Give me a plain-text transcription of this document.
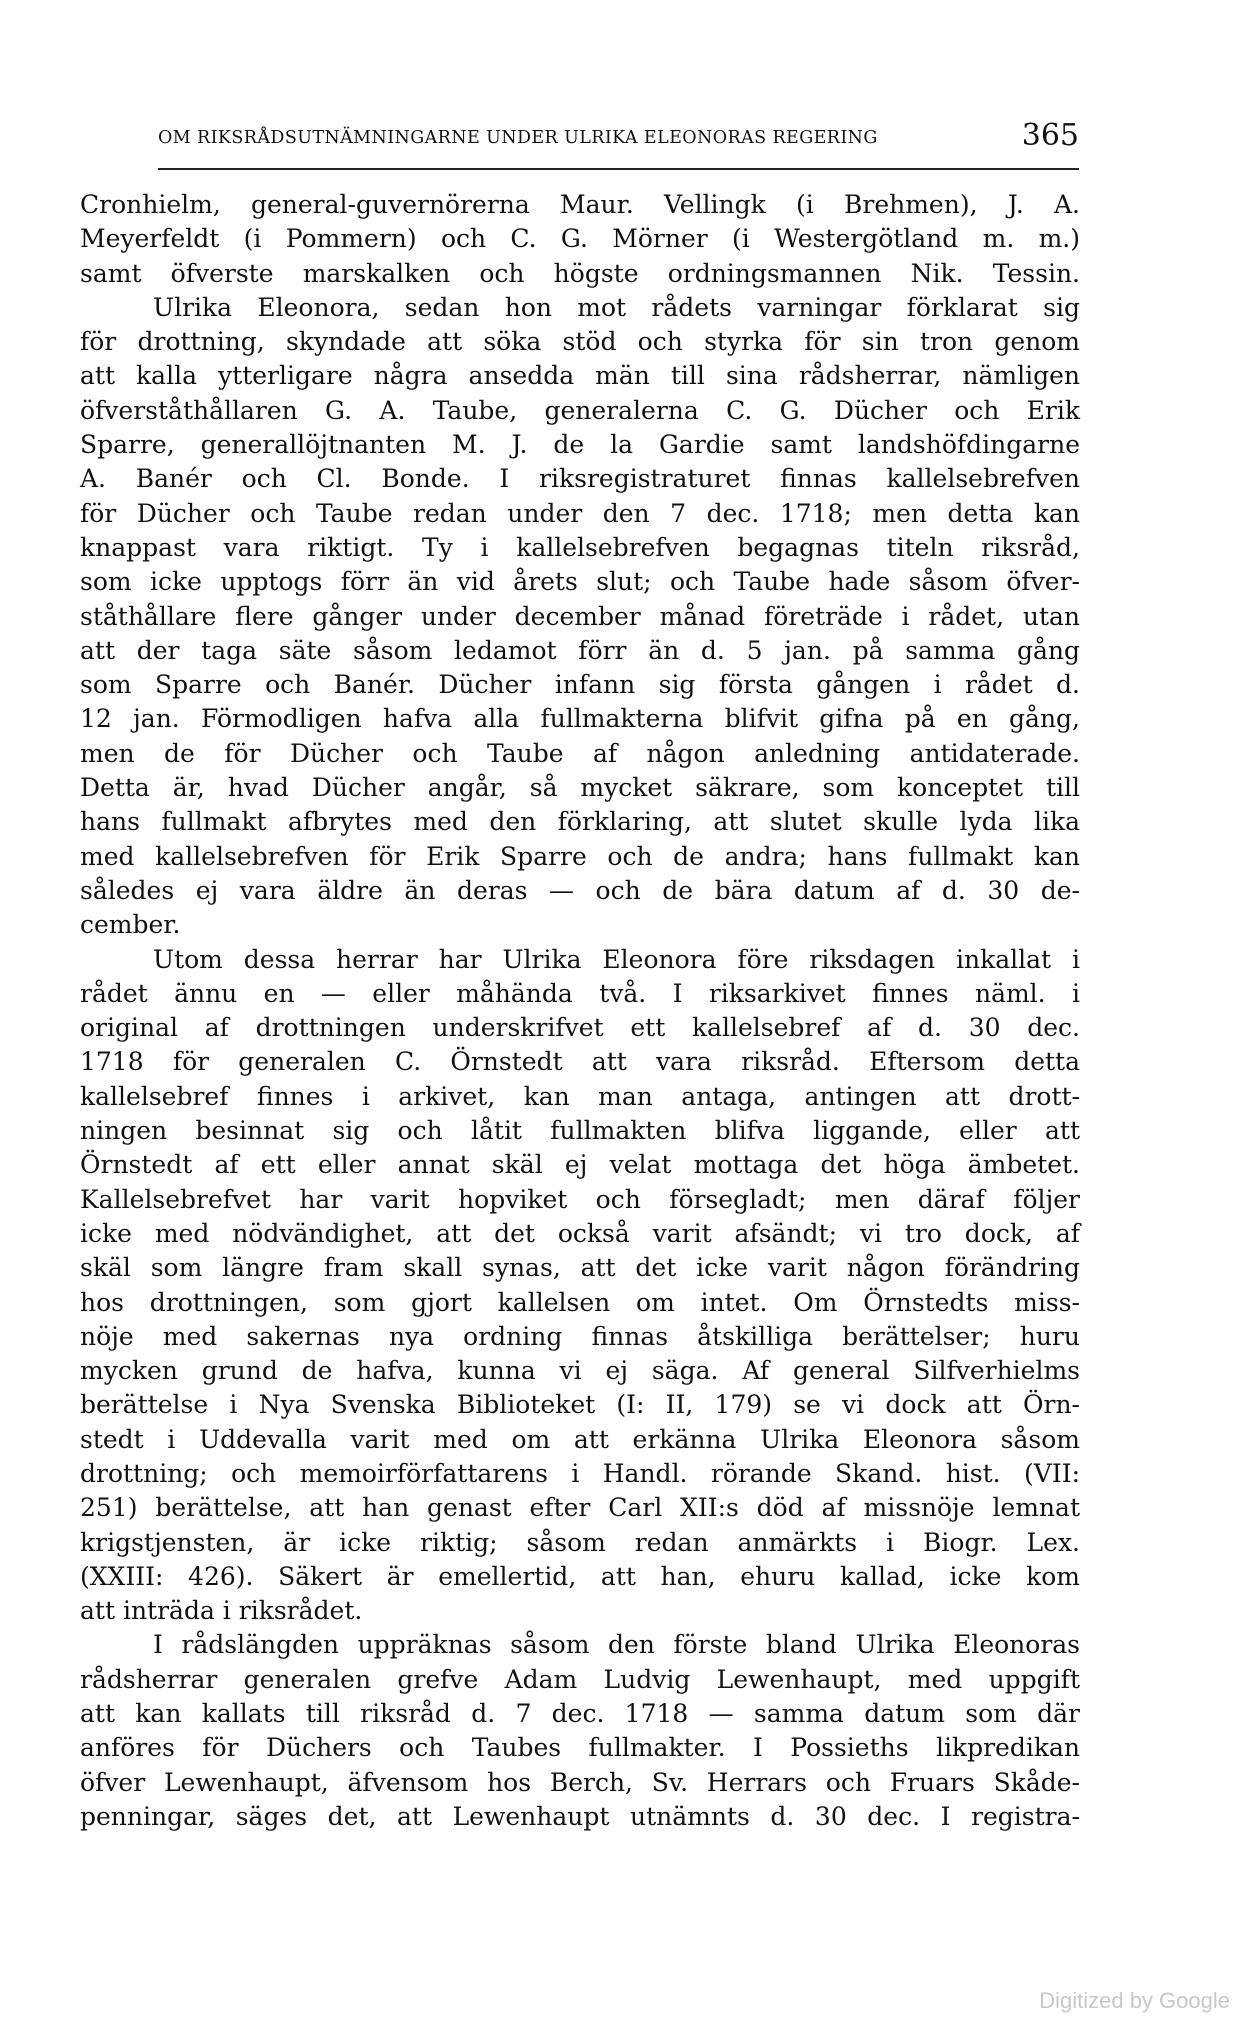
OM RIKSRÅDSUTNÄMNINGARNE UNDER ULRIKA ELEONORAS REGERING	365
Cronhielm, general-guvernörerna Maur. Vellingk (i Brehmen), J. A.
Meyerfeldt (i Pommern) och C. G. Mörner (i Westergötland m. m.)
samt öfverste marskalken och högste ordningsmannen Nik. Tessin.
Ulrika Eleonora, sedan hon mot rådets varningar förklarat sig
för drottning, skyndade att söka stöd och styrka för sin tron genom
att kalla ytterligare några ansedda män till sina rådsherrar, nämligen
öfverståthållaren G. A. Taube, generalerna C. G. Dücher och Erik
Sparre, generallöjtnanten M. J. de la Gardie samt landshöfdingarne
A. Banér och Cl. Bonde. I riksregistraturet finnas kallelsebrefven
för Dücher och Taube redan under den 7 dec. 1718; men detta kan
knappast vara riktigt. Ty i kallelsebrefven begagnas titeln riksråd,
som icke upptogs förr än vid årets slut; och Taube hade såsom öfver-
ståthållare flere gånger under december månad företräde i rådet, utan
att der taga säte såsom ledamot förr än d. 5 jan. på samma gång
som Sparre och Banér. Dücher infann sig första gången i rådet d.
12 jan. Förmodligen hafva alla fullmakterna blifvit gifna på en gång,
men de för Dücher och Taube af någon anledning antidaterade.
Detta är, hvad Dücher angår, så mycket säkrare, som konceptet till
hans fullmakt afbrytes med den förklaring, att slutet skulle lyda lika
med kallelsebrefven för Erik Sparre och de andra; hans fullmakt kan
således ej vara äldre än deras — och de bära datum af d. 30 de-
cember.
Utom dessa herrar har Ulrika Eleonora före riksdagen inkallat i
rådet ännu en — eller måhända två. I riksarkivet finnes näml. i
original af drottningen underskrifvet ett kallelsebref af d. 30 dec.
1718 för generalen C. Örnstedt att vara riksråd. Eftersom detta
kallelsebref finnes i arkivet, kan man antaga, antingen att drott-
ningen besinnat sig och låtit fullmakten blifva liggande, eller att
Örnstedt af ett eller annat skäl ej velat mottaga det höga ämbetet.
Kallelsebrefvet har varit hopviket och försegladt; men däraf följer
icke med nödvändighet, att det också varit afsändt; vi tro dock, af
skäl som längre fram skall synas, att det icke varit någon förändring
hos drottningen, som gjort kallelsen om intet. Om Örnstedts miss-
nöje med sakernas nya ordning finnas åtskilliga berättelser; huru
mycken grund de hafva, kunna vi ej säga. Af general Silfverhielms
berättelse i Nya Svenska Biblioteket (I: II, 179) se vi dock att Örn-
stedt i Uddevalla varit med om att erkänna Ulrika Eleonora såsom
drottning; och memoirförfattarens i Handl. rörande Skand. hist. (VII:
251) berättelse, att han genast efter Carl XII:s död af missnöje lemnat
krigstjensten, är icke riktig; såsom redan anmärkts i Biogr. Lex.
(XXIII: 426). Säkert är emellertid, att han, ehuru kallad, icke kom
att inträda i riksrådet.
I rådslängden uppräknas såsom den förste bland Ulrika Eleonoras
rådsherrar generalen grefve Adam Ludvig Lewenhaupt, med uppgift
att kan kallats till riksråd d. 7 dec. 1718 — samma datum som där
anföres för Düchers och Taubes fullmakter. I Possieths likpredikan
öfver Lewenhaupt, äfvensom hos Berch, Sv. Herrars och Fruars Skåde-
penningar, säges det, att Lewenhaupt utnämnts d. 30 dec. I registra-
Digitized by Google
